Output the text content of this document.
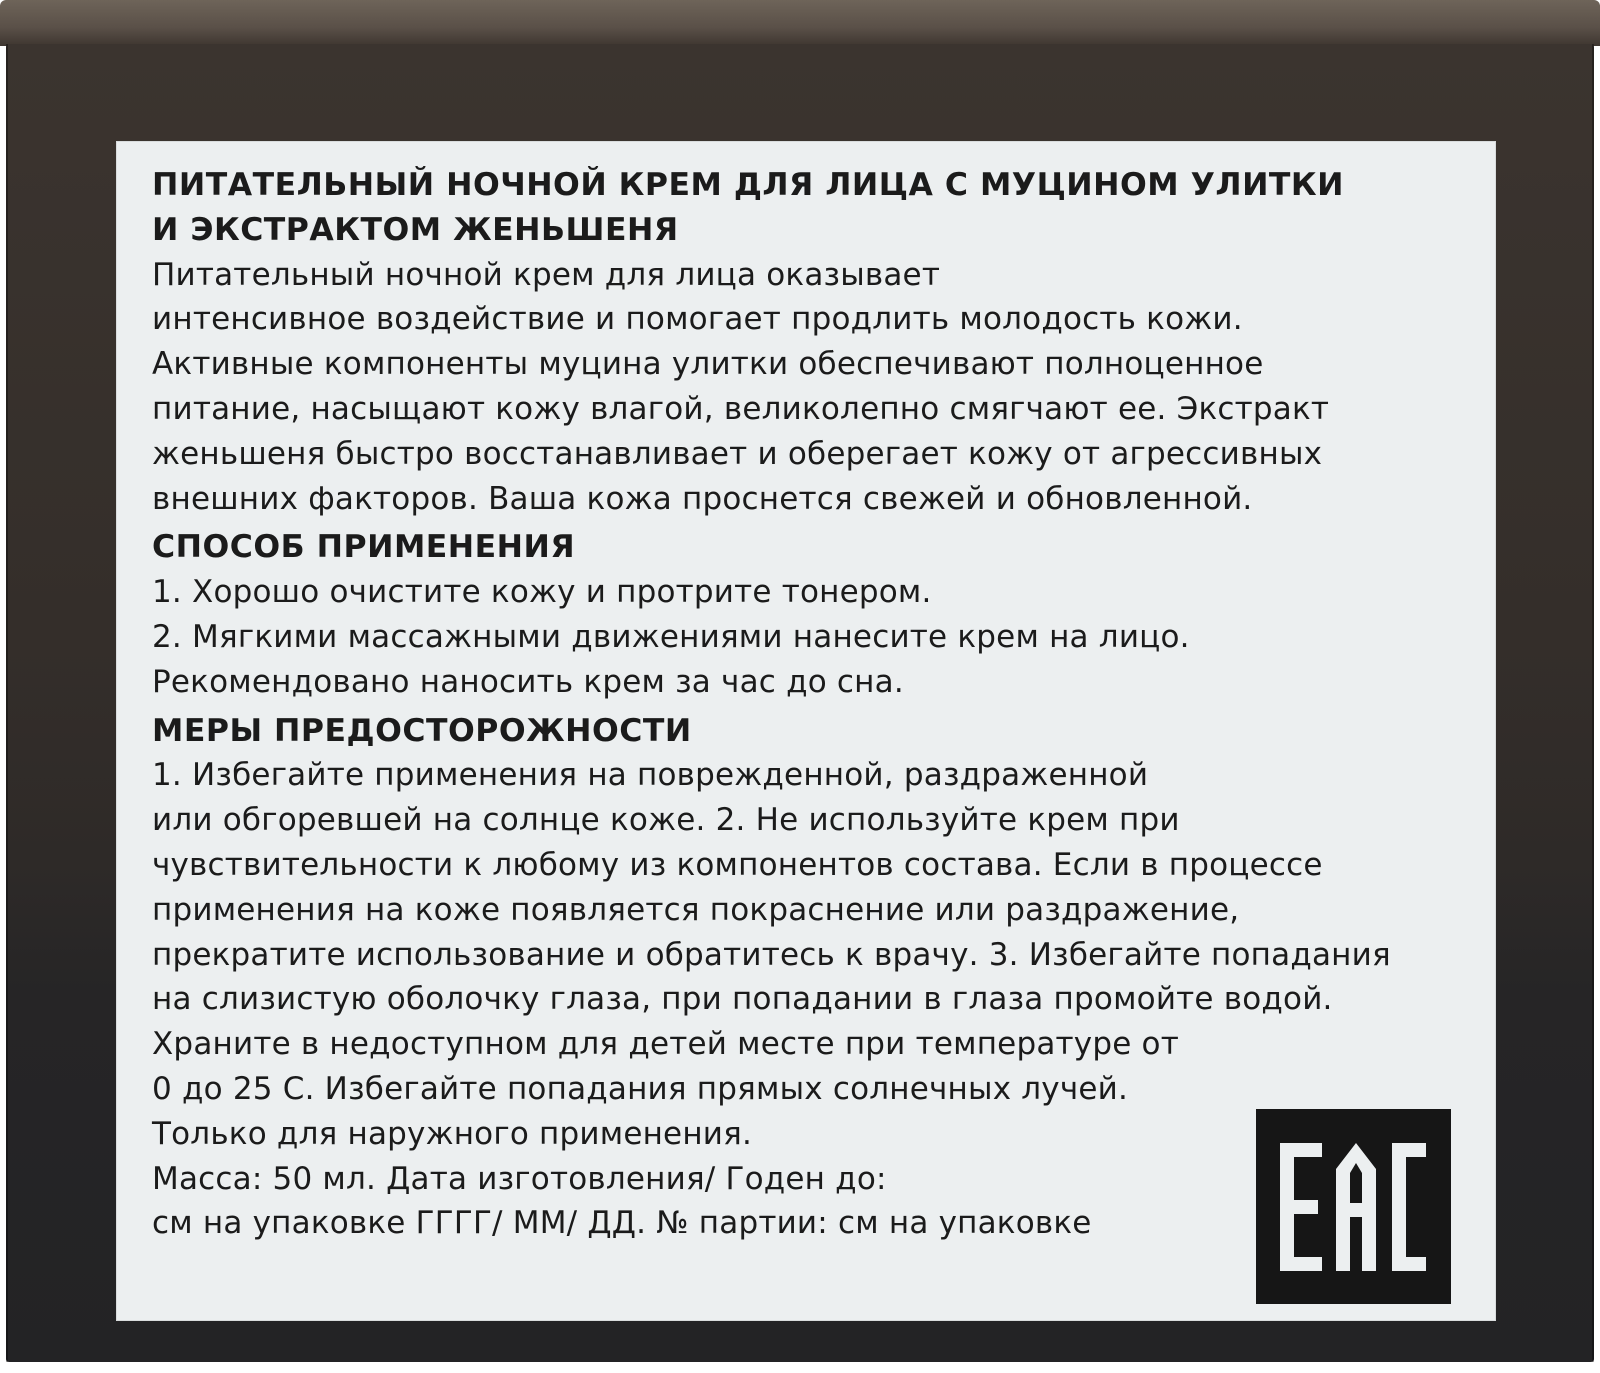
ПИТАТЕЛЬНЫЙ НОЧНОЙ КРЕМ ДЛЯ ЛИЦА С МУЦИНОМ УЛИТКИ
И ЭКСТРАКТОМ ЖЕНЬШЕНЯ
Питательный ночной крем для лица оказывает
интенсивное воздействие и помогает продлить молодость кожи.
Активные компоненты муцина улитки обеспечивают полноценное
питание, насыщают кожу влагой, великолепно смягчают ее. Экстракт
женьшеня быстро восстанавливает и оберегает кожу от агрессивных
внешних факторов. Ваша кожа проснется свежей и обновленной.
СПОСОБ ПРИМЕНЕНИЯ
1. Хорошо очистите кожу и протрите тонером.
2. Мягкими массажными движениями нанесите крем на лицо.
Рекомендовано наносить крем за час до сна.
МЕРЫ ПРЕДОСТОРОЖНОСТИ
1. Избегайте применения на поврежденной, раздраженной
или обгоревшей на солнце коже. 2. Не используйте крем при
чувствительности к любому из компонентов состава. Если в процессе
применения на коже появляется покраснение или раздражение,
прекратите использование и обратитесь к врачу. 3. Избегайте попадания
на слизистую оболочку глаза, при попадании в глаза промойте водой.
Храните в недоступном для детей месте при температуре от
0 до 25 С. Избегайте попадания прямых солнечных лучей.
Только для наружного применения.
Масса: 50 мл. Дата изготовления/ Годен до:
см на упаковке ГГГГ/ ММ/ ДД. № партии: см на упаковке
